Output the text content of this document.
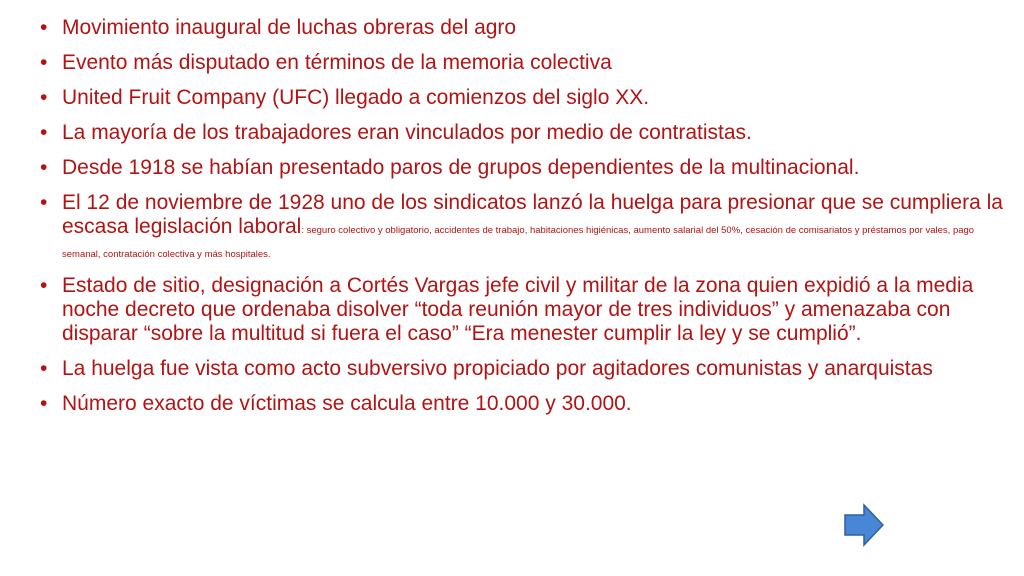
• Movimiento inaugural de luchas obreras del agro
• Evento más disputado en términos de la memoria colectiva
• United Fruit Company (UFC) llegado a comienzos del siglo XX.
• La mayoría de los trabajadores eran vinculados por medio de contratistas.
• Desde 1918 se habían presentado paros de grupos dependientes de la multinacional.
• El 12 de noviembre de 1928 uno de los sindicatos lanzó la huelga para presionar que se cumpliera la escasa legislación laboral: seguro colectivo y obligatorio, accidentes de trabajo, habitaciones higiénicas, aumento salarial del 50%, cesación de comisariatos y préstamos por vales, pago semanal, contratación colectiva y más hospitales.
• Estado de sitio, designación a Cortés Vargas jefe civil y militar de la zona quien expidió a la media noche decreto que ordenaba disolver “toda reunión mayor de tres individuos” y amenazaba con disparar “sobre la multitud si fuera el caso” “Era menester cumplir la ley y se cumplió”.
• La huelga fue vista como acto subversivo propiciado por agitadores comunistas y anarquistas
• Número exacto de víctimas se calcula entre 10.000 y 30.000.
